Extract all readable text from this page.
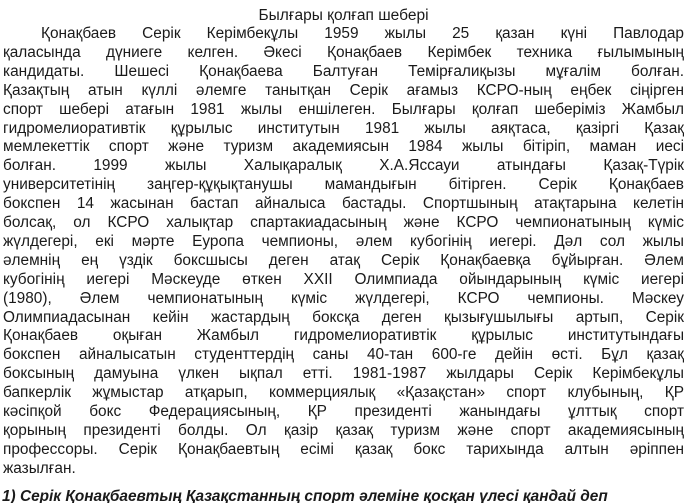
Былғары қолғап шебері
Қонақбаев Серік Керімбекұлы 1959 жылы 25 қазан күні Павлодар
қаласында дүниеге келген. Әкесі Қонақбаев Керімбек техника ғылымының
кандидаты. Шешесі Қонақбаева Балтуған Темірғалиқызы мұғалім болған.
Қазақтың атын күллі әлемге танытқан Серік ағамыз КСРО-ның еңбек сіңірген
спорт шебері атағын 1981 жылы еншілеген. Былғары қолғап шеберіміз Жамбыл
гидромелиоративтік құрылыс институтын 1981 жылы аяқтаса, қазіргі Қазақ
мемлекеттік спорт және туризм академиясын 1984 жылы бітіріп, маман иесі
болған. 1999 жылы Халықаралық Х.А.Яссауи атындағы Қазақ-Түрік
университетінің заңгер-құқықтанушы мамандығын бітірген. Серік Қонақбаев
бокспен 14 жасынан бастап айналыса бастады. Спортшының атақтарына келетін
болсақ, ол КСРО халықтар спартакиадасының және КСРО чемпионатының күміс
жүлдегері, екі мәрте Еуропа чемпионы, әлем кубогінің иегері. Дәл сол жылы
әлемнің ең үздік боксшысы деген атақ Серік Қонақбаевқа бұйырған. Әлем
кубогінің иегері Мәскеуде өткен XXII Олимпиада ойындарының күміс иегері
(1980), Әлем чемпионатының күміс жүлдегері, КСРО чемпионы. Мәскеу
Олимпиадасынан кейін жастардың боксқа деген қызығушылығы артып, Серік
Қонақбаев оқыған Жамбыл гидромелиоративтік құрылыс институтындағы
бокспен айналысатын студенттердің саны 40-тан 600-ге дейін өсті. Бұл қазақ
боксының дамуына үлкен ықпал етті. 1981-1987 жылдары Серік Керімбекұлы
бапкерлік жұмыстар атқарып, коммерциялық «Қазақстан» спорт клубының, ҚР
кәсіпқой бокс Федерациясының, ҚР президенті жанындағы ұлттық спорт
қорының президенті болды. Ол қазір қазақ туризм және спорт академиясының
профессоры. Серік Қонақбаевтың есімі қазақ бокс тарихында алтын әріппен
жазылған.
1) Серік Қонақбаевтың Қазақстанның спорт әлеміне қосқан үлесі қандай деп
